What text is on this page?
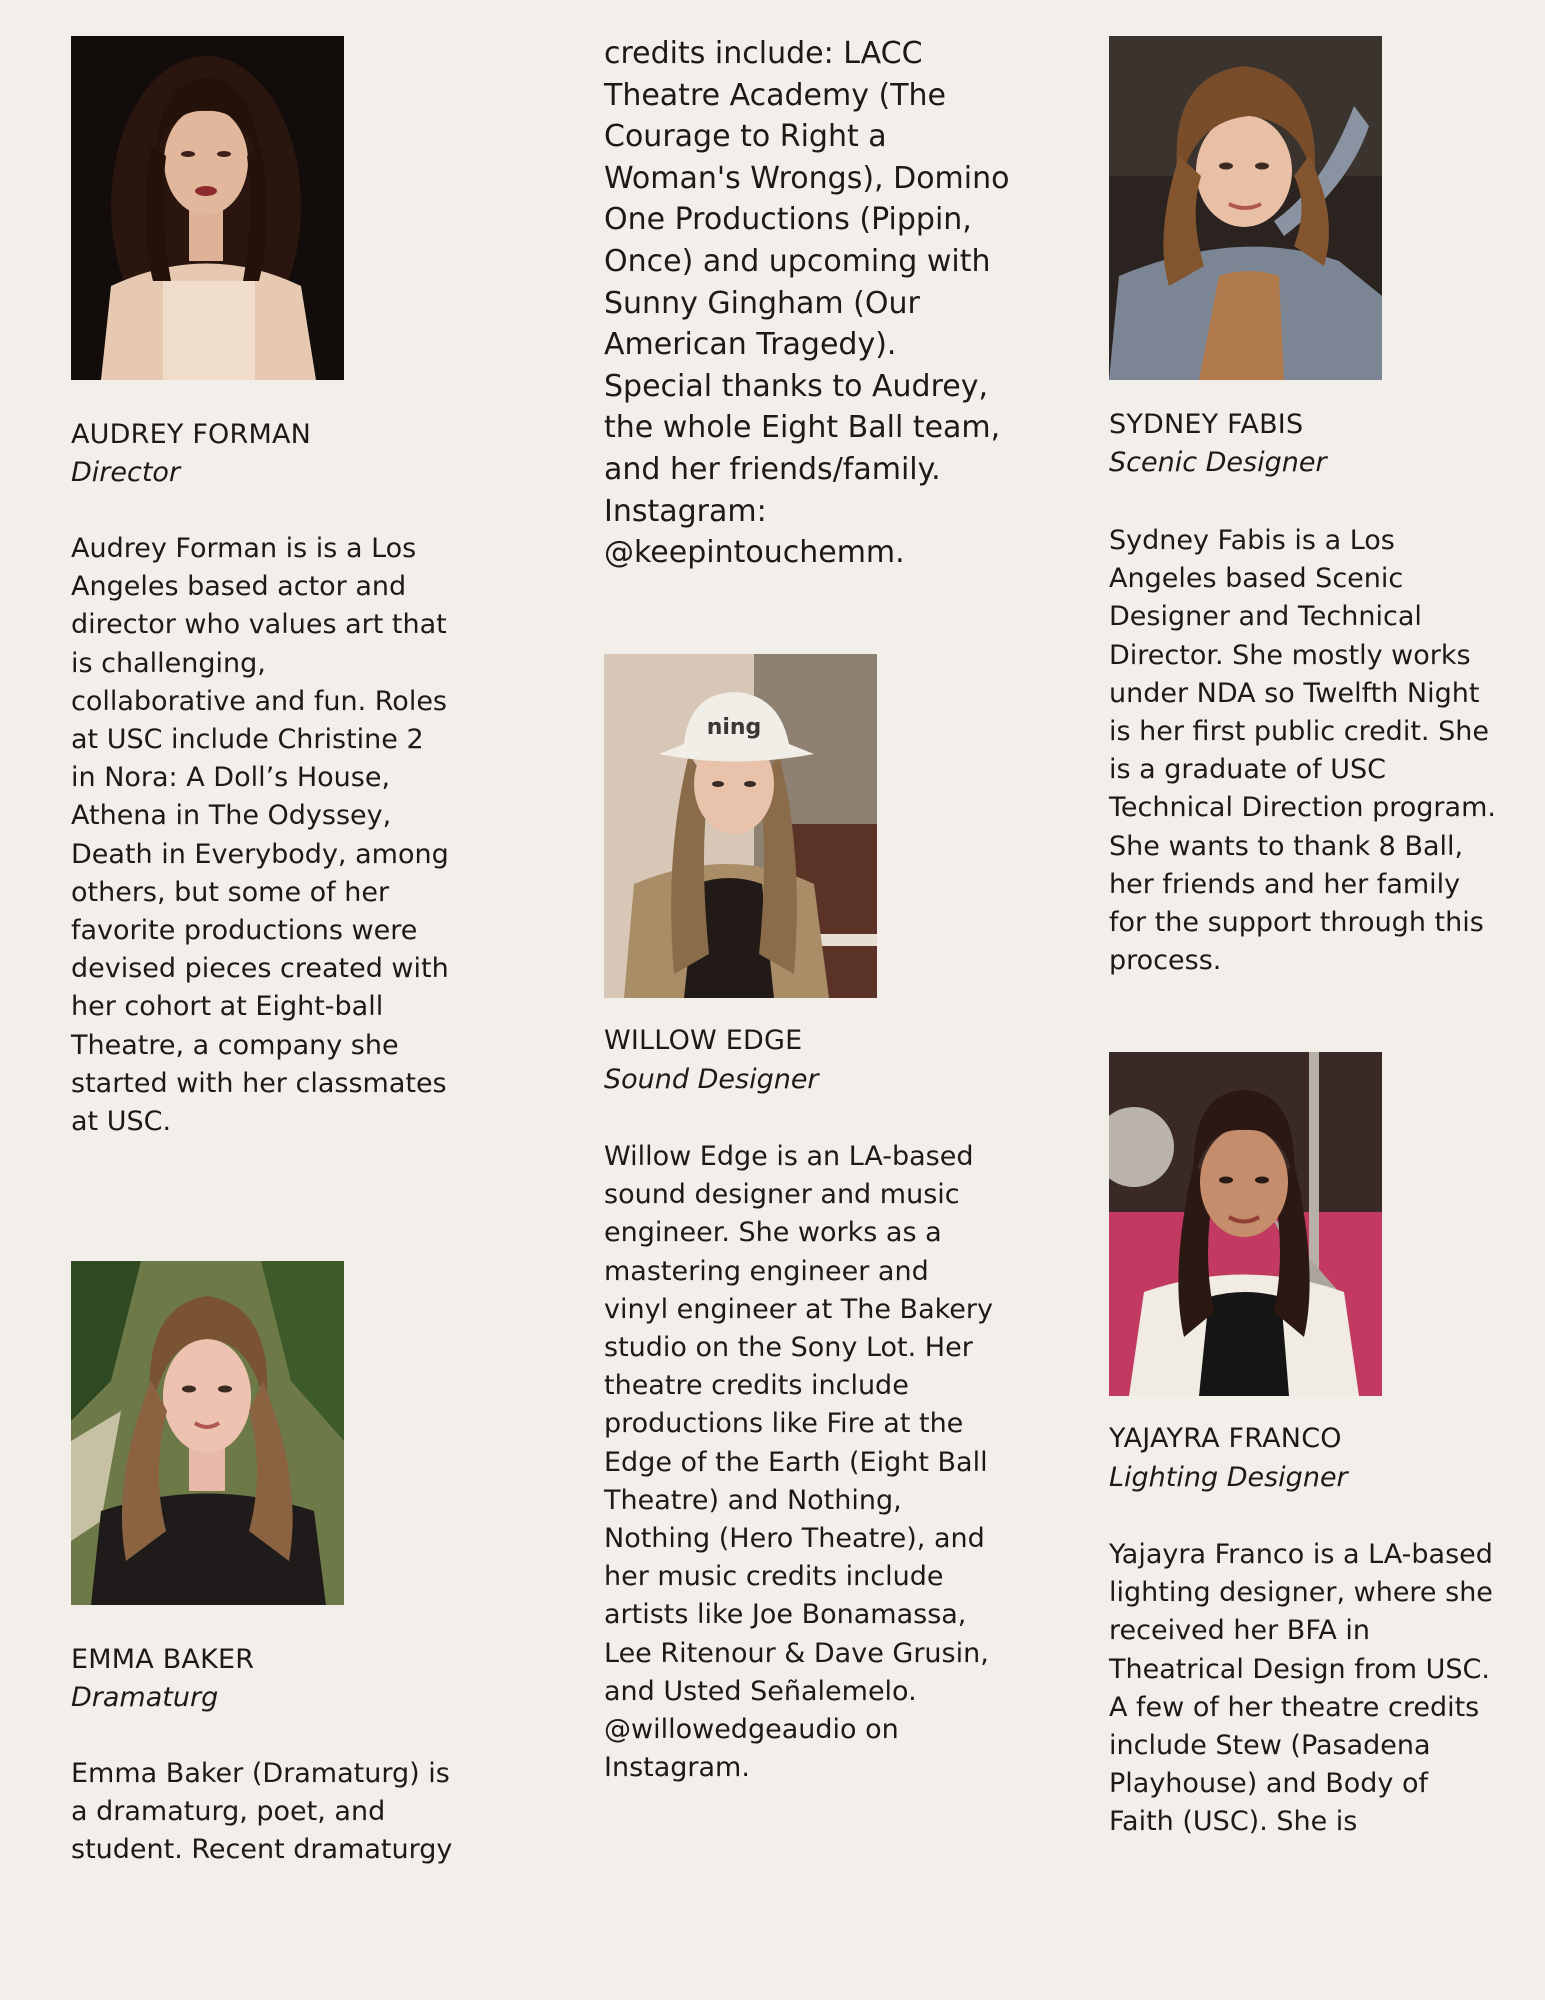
AUDREY FORMAN
Director

Audrey Forman is is a Los Angeles based actor and director who values art that is challenging, collaborative and fun. Roles at USC include Christine 2 in Nora: A Doll’s House, Athena in The Odyssey, Death in Everybody, among others, but some of her favorite productions were devised pieces created with her cohort at Eight-ball Theatre, a company she started with her classmates at USC.

EMMA BAKER
Dramaturg

Emma Baker (Dramaturg) is a dramaturg, poet, and student. Recent dramaturgy

credits include: LACC Theatre Academy (The Courage to Right a Woman's Wrongs), Domino One Productions (Pippin, Once) and upcoming with Sunny Gingham (Our American Tragedy). Special thanks to Audrey, the whole Eight Ball team, and her friends/family. Instagram: @keepintouchemm.

ning
WILLOW EDGE
Sound Designer

Willow Edge is an LA-based sound designer and music engineer. She works as a mastering engineer and vinyl engineer at The Bakery studio on the Sony Lot. Her theatre credits include productions like Fire at the Edge of the Earth (Eight Ball Theatre) and Nothing, Nothing (Hero Theatre), and her music credits include artists like Joe Bonamassa, Lee Ritenour & Dave Grusin, and Usted Señalemelo. @willowedgeaudio on Instagram.

SYDNEY FABIS
Scenic Designer

Sydney Fabis is a Los Angeles based Scenic Designer and Technical Director. She mostly works under NDA so Twelfth Night is her first public credit. She is a graduate of USC Technical Direction program. She wants to thank 8 Ball, her friends and her family for the support through this process.

YAJAYRA FRANCO
Lighting Designer

Yajayra Franco is a LA-based lighting designer, where she received her BFA in Theatrical Design from USC. A few of her theatre credits include Stew (Pasadena Playhouse) and Body of Faith (USC). She is
